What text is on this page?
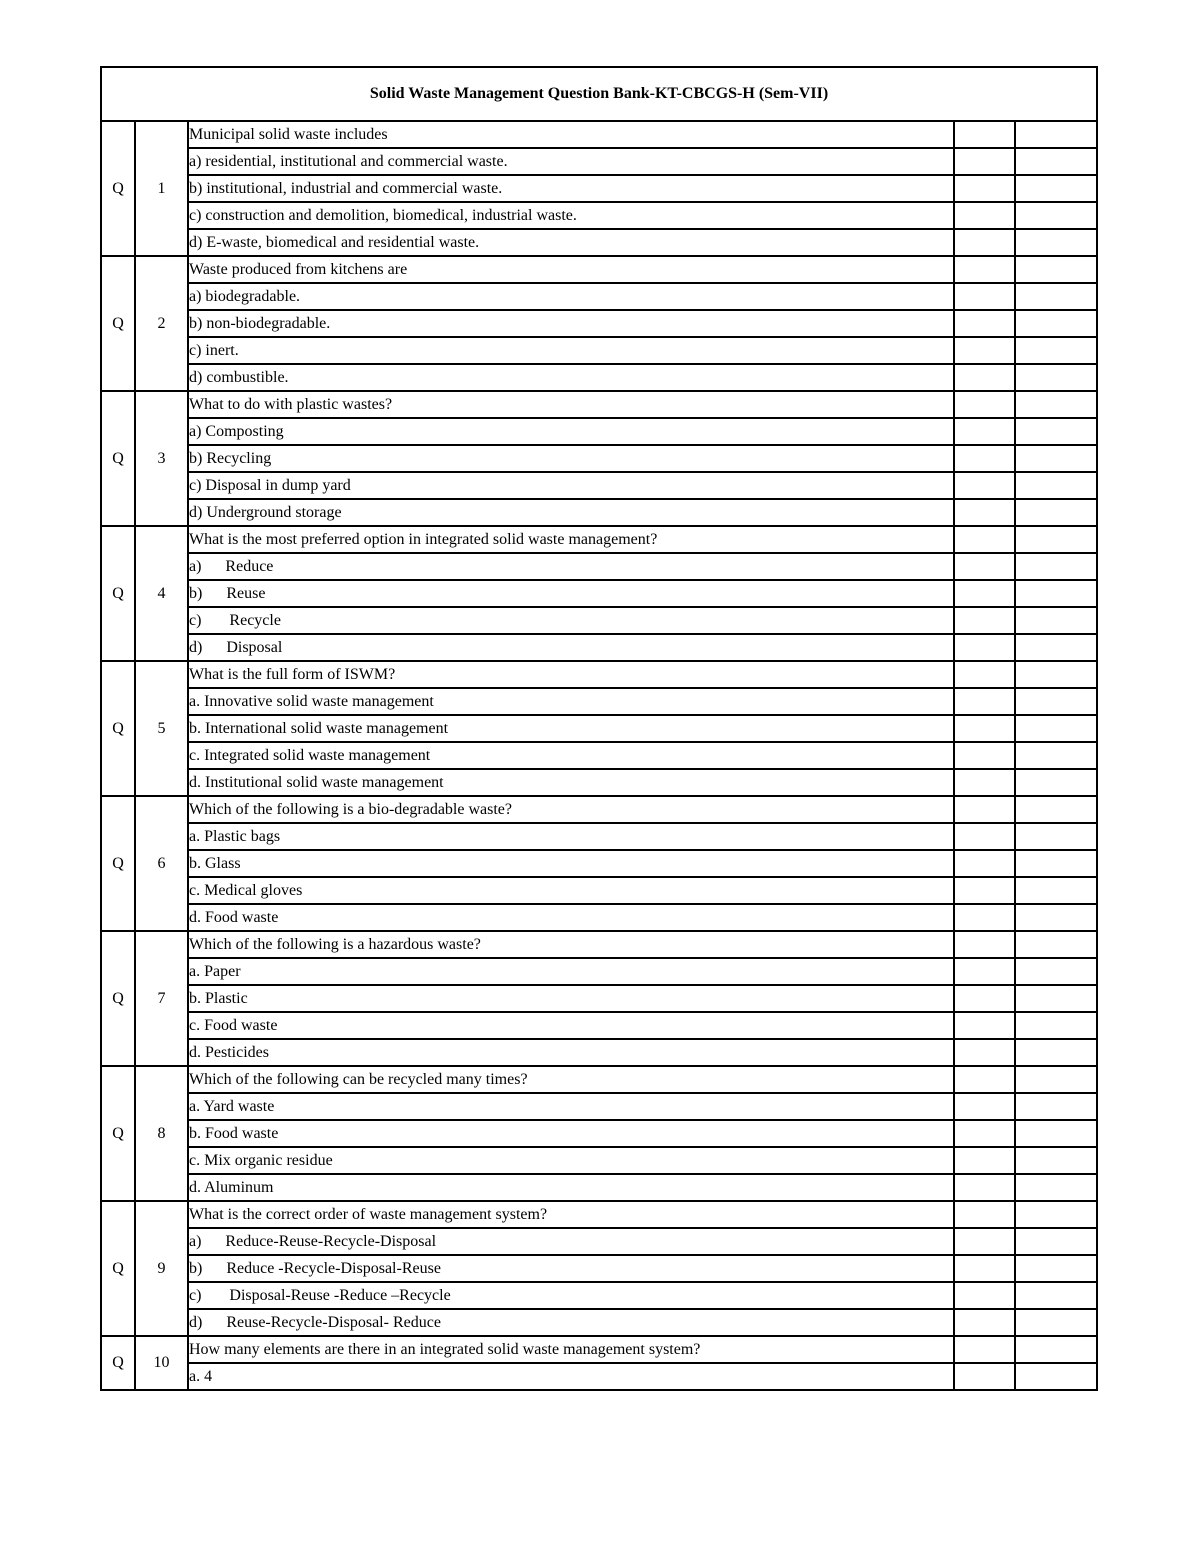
Solid Waste Management Question Bank-KT-CBCGS-H (Sem-VII)				
Q	1	Municipal solid waste includes		
		a) residential, institutional and commercial waste.		
		b) institutional, industrial and commercial waste.		
		c) construction and demolition, biomedical, industrial waste.		
		d) E-waste, biomedical and residential waste.		
Q	2	Waste produced from kitchens are		
		a) biodegradable.		
		b) non-biodegradable.		
		c) inert.		
		d) combustible.		
Q	3	What to do with plastic wastes?		
		a) Composting		
		b) Recycling		
		c) Disposal in dump yard		
		d) Underground storage		
Q	4	What is the most preferred option in integrated solid waste management?		
		a)      Reduce		
		b)      Reuse		
		c)       Recycle		
		d)      Disposal		
Q	5	What is the full form of ISWM?		
		a. Innovative solid waste management		
		b. International solid waste management		
		c. Integrated solid waste management		
		d. Institutional solid waste management		
Q	6	Which of the following is a bio-degradable waste?		
		a. Plastic bags		
		b. Glass		
		c. Medical gloves		
		d. Food waste		
Q	7	Which of the following is a hazardous waste?		
		a. Paper		
		b. Plastic		
		c. Food waste		
		d. Pesticides		
Q	8	Which of the following can be recycled many times?		
		a. Yard waste		
		b. Food waste		
		c. Mix organic residue		
		d. Aluminum		
Q	9	What is the correct order of waste management system?		
		a)      Reduce-Reuse-Recycle-Disposal		
		b)      Reduce -Recycle-Disposal-Reuse		
		c)       Disposal-Reuse -Reduce –Recycle		
		d)      Reuse-Recycle-Disposal- Reduce		
Q	10	How many elements are there in an integrated solid waste management system?		
		a. 4		
